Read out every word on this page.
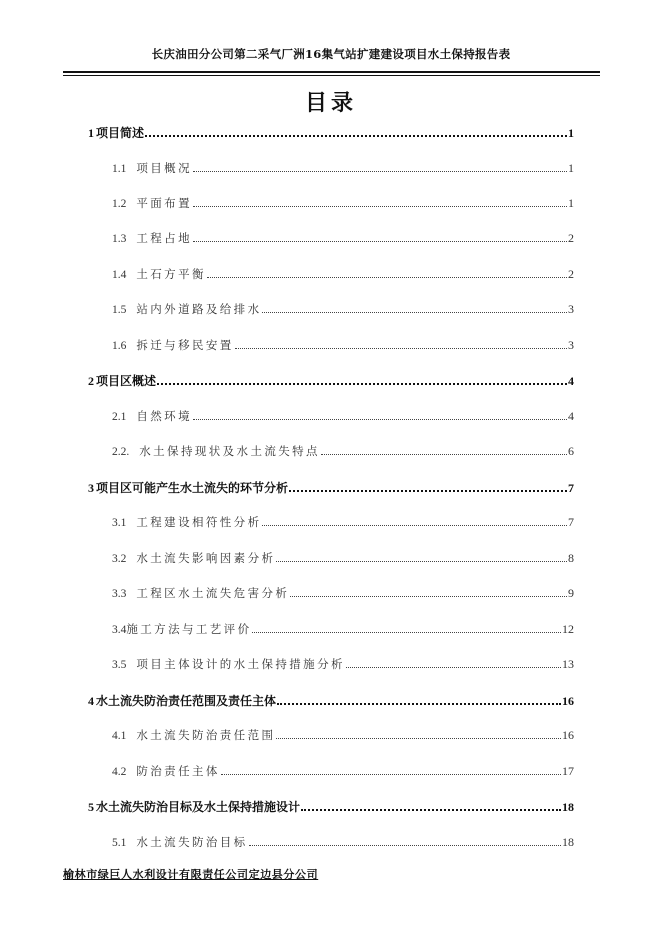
长庆油田分公司第二采气厂洲16集气站扩建建设项目水土保持报告表
目录
1 项目简述	1
1.1 项目概况	1
1.2 平面布置	1
1.3 工程占地	2
1.4 土石方平衡	2
1.5 站内外道路及给排水	3
1.6 拆迁与移民安置	3
2 项目区概述	4
2.1 自然环境	4
2.2. 水土保持现状及水土流失特点	6
3 项目区可能产生水土流失的环节分析	7
3.1 工程建设相符性分析	7
3.2 水土流失影响因素分析	8
3.3 工程区水土流失危害分析	9
3.4 施工方法与工艺评价	12
3.5 项目主体设计的水土保持措施分析	13
4 水土流失防治责任范围及责任主体	16
4.1 水土流失防治责任范围	16
4.2 防治责任主体	17
5 水土流失防治目标及水土保持措施设计	18
5.1 水土流失防治目标	18
榆林市绿巨人水利设计有限责任公司定边县分公司
